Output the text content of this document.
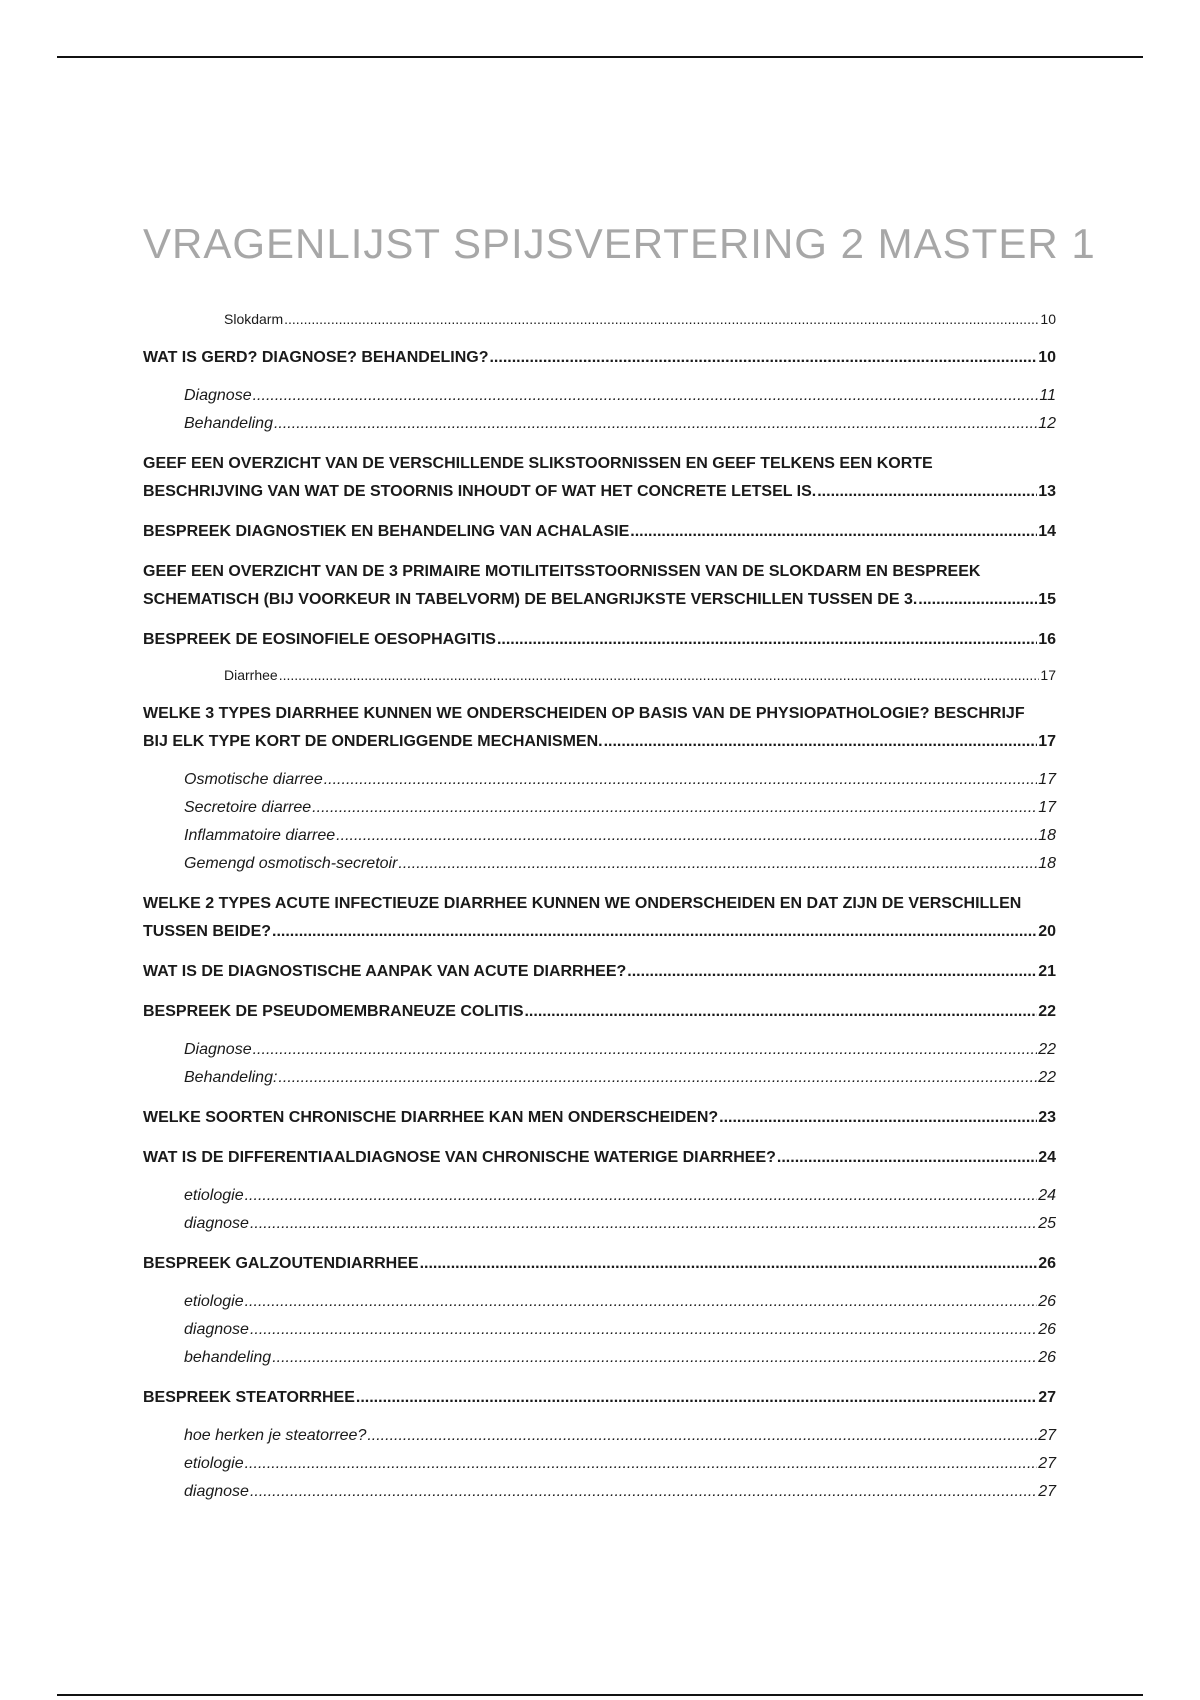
VRAGENLIJST SPIJSVERTERING 2 MASTER 1
Slokdarm .....	10
WAT IS GERD? DIAGNOSE? BEHANDELING? .....	10
Diagnose .....	11
Behandeling .....	12
GEEF EEN OVERZICHT VAN DE VERSCHILLENDE SLIKSTOORNISSEN EN GEEF TELKENS EEN KORTE
BESCHRIJVING VAN WAT DE STOORNIS INHOUDT OF WAT HET CONCRETE LETSEL IS. .....	13
BESPREEK DIAGNOSTIEK EN BEHANDELING VAN ACHALASIE .....	14
GEEF EEN OVERZICHT VAN DE 3 PRIMAIRE MOTILITEITSSTOORNISSEN VAN DE SLOKDARM EN BESPREEK
SCHEMATISCH (BIJ VOORKEUR IN TABELVORM) DE BELANGRIJKSTE VERSCHILLEN TUSSEN DE 3. .....	15
BESPREEK DE EOSINOFIELE OESOPHAGITIS .....	16
Diarrhee .....	17
WELKE 3 TYPES DIARRHEE KUNNEN WE ONDERSCHEIDEN OP BASIS VAN DE PHYSIOPATHOLOGIE? BESCHRIJF
BIJ ELK TYPE KORT DE ONDERLIGGENDE MECHANISMEN. .....	17
Osmotische diarree .....	17
Secretoire diarree .....	17
Inflammatoire diarree .....	18
Gemengd osmotisch-secretoir .....	18
WELKE 2 TYPES ACUTE INFECTIEUZE DIARRHEE KUNNEN WE ONDERSCHEIDEN EN DAT ZIJN DE VERSCHILLEN
TUSSEN BEIDE? .....	20
WAT IS DE DIAGNOSTISCHE AANPAK VAN ACUTE DIARRHEE? .....	21
BESPREEK DE PSEUDOMEMBRANEUZE COLITIS .....	22
Diagnose .....	22
Behandeling: .....	22
WELKE SOORTEN CHRONISCHE DIARRHEE KAN MEN ONDERSCHEIDEN? .....	23
WAT IS DE DIFFERENTIAALDIAGNOSE VAN CHRONISCHE WATERIGE DIARRHEE? .....	24
etiologie .....	24
diagnose .....	25
BESPREEK GALZOUTENDIARRHEE .....	26
etiologie .....	26
diagnose .....	26
behandeling .....	26
BESPREEK STEATORRHEE .....	27
hoe herken je steatorree? .....	27
etiologie .....	27
diagnose .....	27
